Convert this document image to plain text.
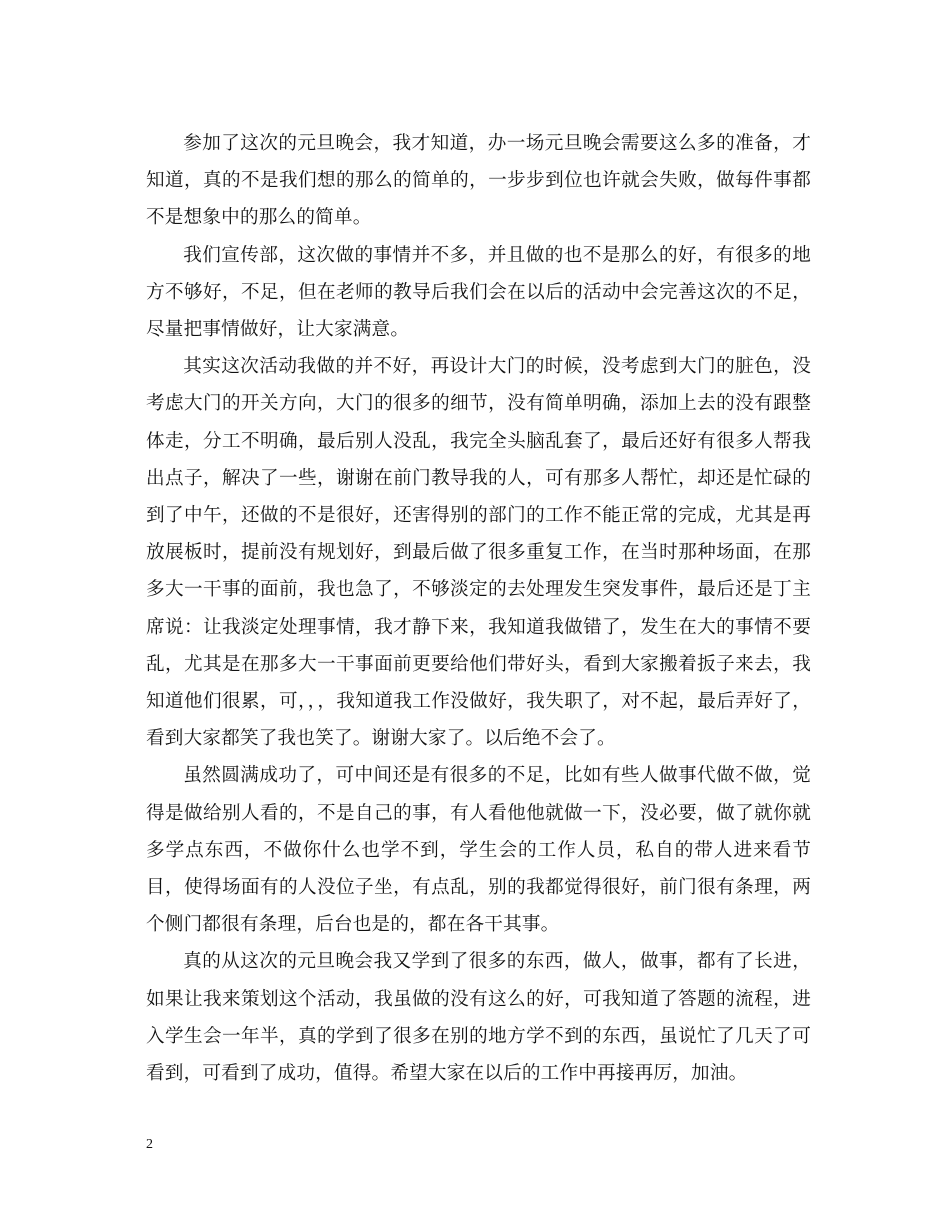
参加了这次的元旦晚会，我才知道，办一场元旦晚会需要这么多的准备，才知道，真的不是我们想的那么的简单的，一步步到位也许就会失败，做每件事都不是想象中的那么的简单。

我们宣传部，这次做的事情并不多，并且做的也不是那么的好，有很多的地方不够好，不足，但在老师的教导后我们会在以后的活动中会完善这次的不足，尽量把事情做好，让大家满意。

其实这次活动我做的并不好，再设计大门的时候，没考虑到大门的脏色，没考虑大门的开关方向，大门的很多的细节，没有简单明确，添加上去的没有跟整体走，分工不明确，最后别人没乱，我完全头脑乱套了，最后还好有很多人帮我出点子，解决了一些，谢谢在前门教导我的人，可有那多人帮忙，却还是忙碌的到了中午，还做的不是很好，还害得别的部门的工作不能正常的完成，尤其是再放展板时，提前没有规划好，到最后做了很多重复工作，在当时那种场面，在那多大一干事的面前，我也急了，不够淡定的去处理发生突发事件，最后还是丁主席说：让我淡定处理事情，我才静下来，我知道我做错了，发生在大的事情不要乱，尤其是在那多大一干事面前更要给他们带好头，看到大家搬着扳子来去，我知道他们很累，可，，，我知道我工作没做好，我失职了，对不起，最后弄好了，看到大家都笑了我也笑了。谢谢大家了。以后绝不会了。

虽然圆满成功了，可中间还是有很多的不足，比如有些人做事代做不做，觉得是做给别人看的，不是自己的事，有人看他他就做一下，没必要，做了就你就多学点东西，不做你什么也学不到，学生会的工作人员，私自的带人进来看节目，使得场面有的人没位子坐，有点乱，别的我都觉得很好，前门很有条理，两个侧门都很有条理，后台也是的，都在各干其事。

真的从这次的元旦晚会我又学到了很多的东西，做人，做事，都有了长进，如果让我来策划这个活动，我虽做的没有这么的好，可我知道了答题的流程，进入学生会一年半，真的学到了很多在别的地方学不到的东西，虽说忙了几天了可看到，可看到了成功，值得。希望大家在以后的工作中再接再厉，加油。

2
